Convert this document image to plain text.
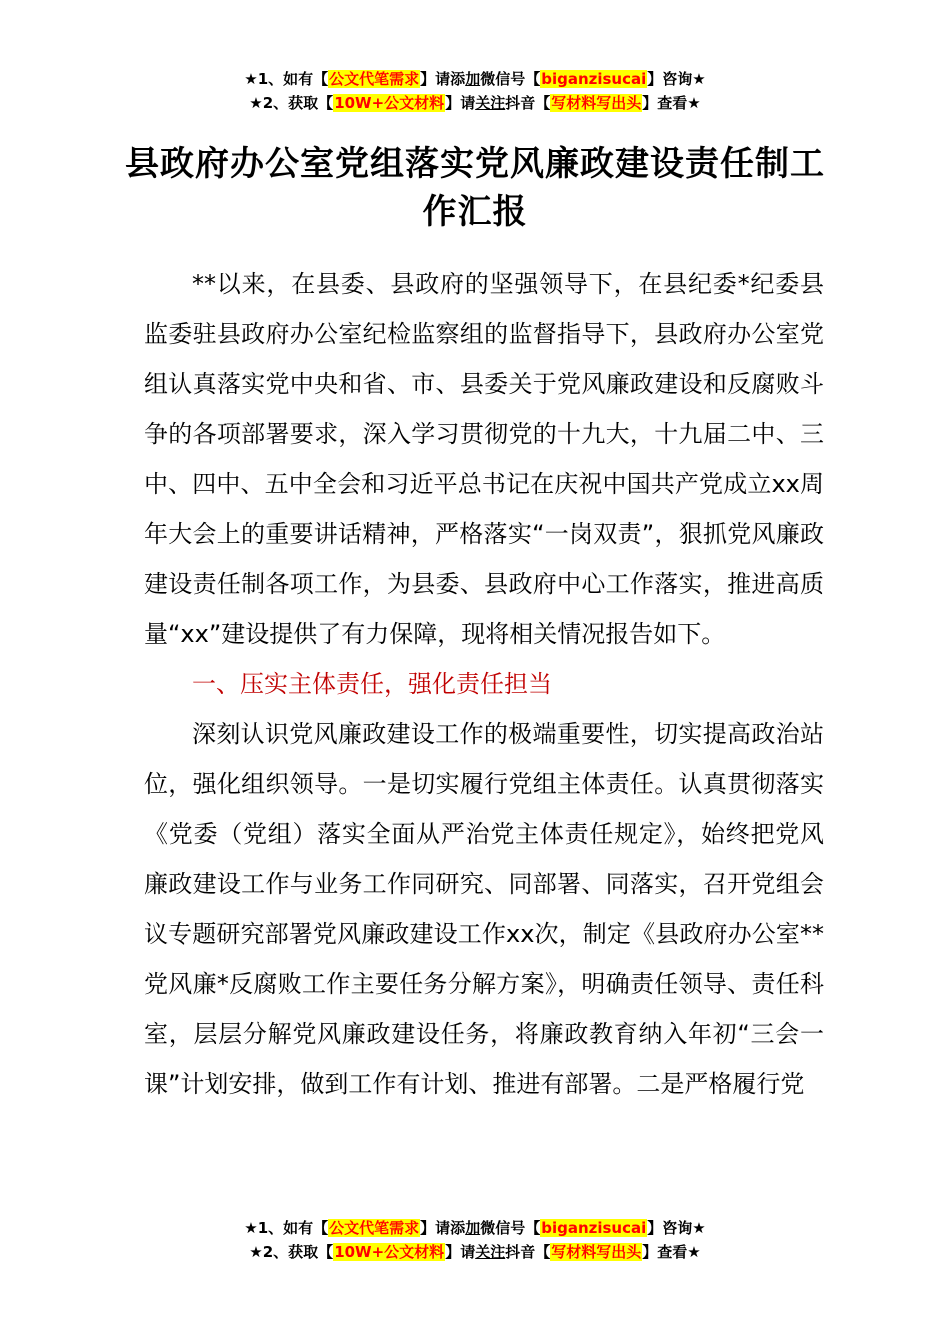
★1、如有【公文代笔需求】请添加微信号【biganzisucai】咨询★
★2、获取【10W+公文材料】请关注抖音【写材料写出头】查看★
县政府办公室党组落实党风廉政建设责任制工作汇报

**以来，在县委、县政府的坚强领导下，在县纪委*纪委县监委驻县政府办公室纪检监察组的监督指导下，县政府办公室党组认真落实党中央和省、市、县委关于党风廉政建设和反腐败斗争的各项部署要求，深入学习贯彻党的十九大，十九届二中、三中、四中、五中全会和习近平总书记在庆祝中国共产党成立xx周年大会上的重要讲话精神，严格落实“一岗双责”，狠抓党风廉政建设责任制各项工作，为县委、县政府中心工作落实，推进高质量“xx”建设提供了有力保障，现将相关情况报告如下。

一、压实主体责任，强化责任担当

深刻认识党风廉政建设工作的极端重要性，切实提高政治站位，强化组织领导。一是切实履行党组主体责任。认真贯彻落实《党委（党组）落实全面从严治党主体责任规定》，始终把党风廉政建设工作与业务工作同研究、同部署、同落实，召开党组会议专题研究部署党风廉政建设工作xx次，制定《县政府办公室**党风廉*反腐败工作主要任务分解方案》，明确责任领导、责任科室，层层分解党风廉政建设任务，将廉政教育纳入年初“三会一课”计划安排，做到工作有计划、推进有部署。二是严格履行党

★1、如有【公文代笔需求】请添加微信号【biganzisucai】咨询★
★2、获取【10W+公文材料】请关注抖音【写材料写出头】查看★
